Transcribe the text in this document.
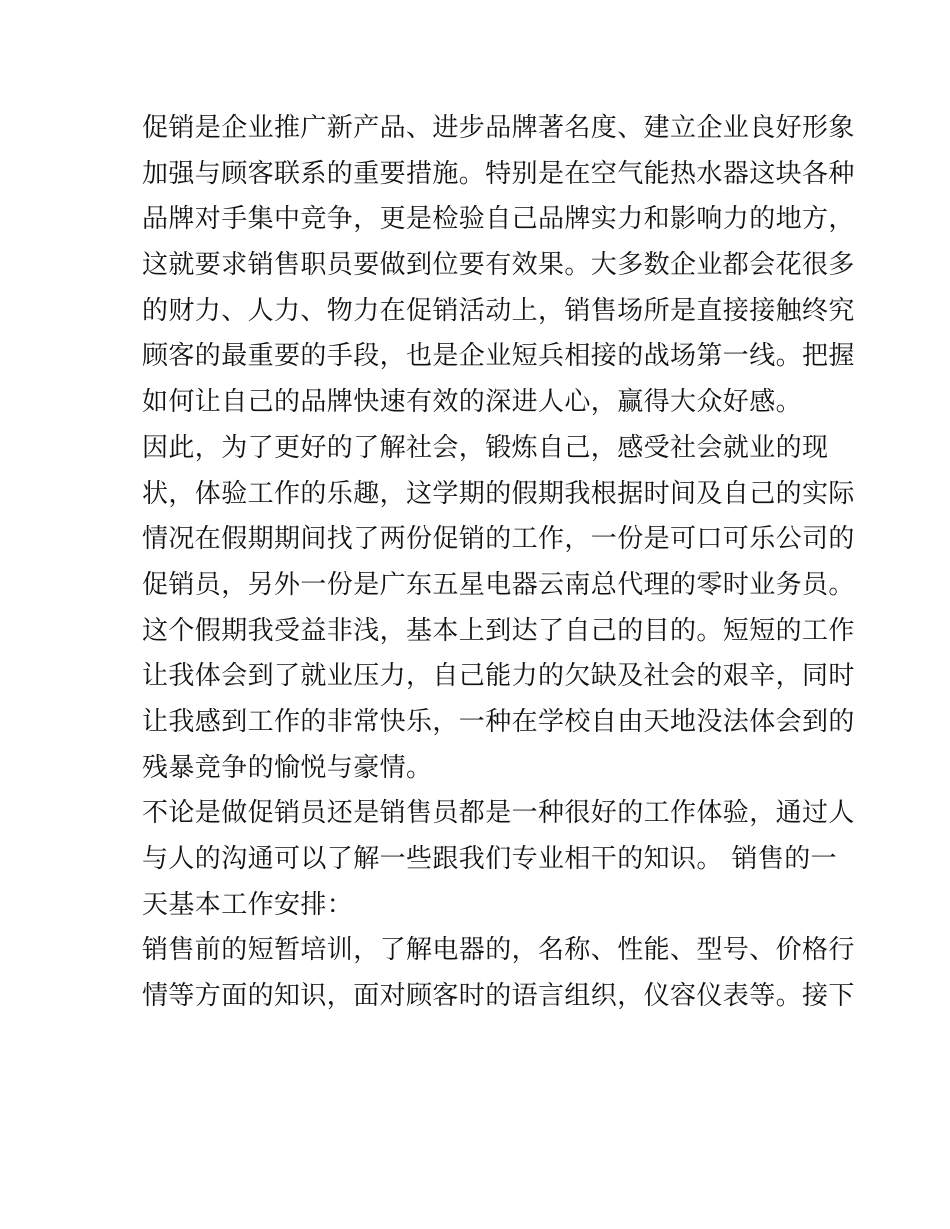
促销是企业推广新产品、进步品牌著名度、建立企业良好形象
加强与顾客联系的重要措施。特别是在空气能热水器这块各种
品牌对手集中竞争，更是检验自己品牌实力和影响力的地方，
这就要求销售职员要做到位要有效果。大多数企业都会花很多
的财力、人力、物力在促销活动上，销售场所是直接接触终究
顾客的最重要的手段，也是企业短兵相接的战场第一线。把握
如何让自己的品牌快速有效的深进人心，赢得大众好感。
因此，为了更好的了解社会，锻炼自己，感受社会就业的现
状，体验工作的乐趣，这学期的假期我根据时间及自己的实际
情况在假期期间找了两份促销的工作，一份是可口可乐公司的
促销员，另外一份是广东五星电器云南总代理的零时业务员。
这个假期我受益非浅，基本上到达了自己的目的。短短的工作
让我体会到了就业压力，自己能力的欠缺及社会的艰辛，同时
让我感到工作的非常快乐，一种在学校自由天地没法体会到的
残暴竞争的愉悦与豪情。
不论是做促销员还是销售员都是一种很好的工作体验，通过人
与人的沟通可以了解一些跟我们专业相干的知识。 销售的一
天基本工作安排：
销售前的短暂培训，了解电器的，名称、性能、型号、价格行
情等方面的知识，面对顾客时的语言组织，仪容仪表等。接下
